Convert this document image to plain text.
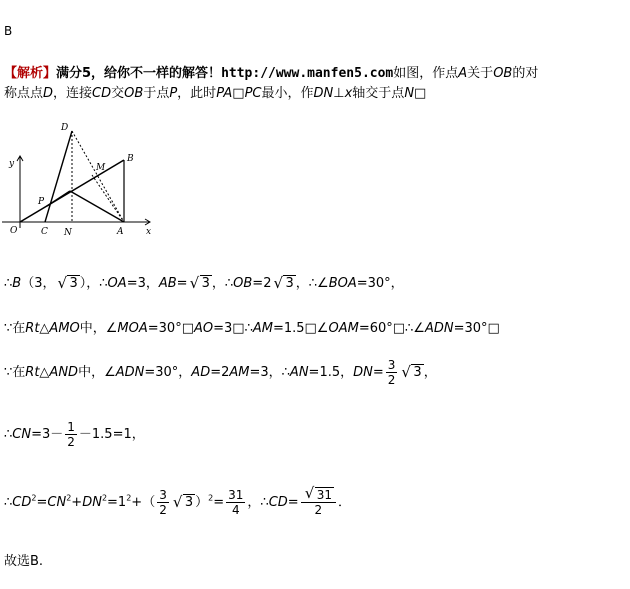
B
【解析】满分5，给你不一样的解答！http://www.manfen5.com如图，作点A关于OB的对
称点点D，连接CD交OB于点P，此时PA□PC最小，作DN⊥x轴交于点N□
D
B
M
P
y
O	C N	A	x
∴B（3， √ 3 ），∴OA=3，AB= √ 3 ，∴OB=2 √ 3 ，∴∠BOA=30°，
∵在Rt△AMO中，∠MOA=30°□AO=3□∴AM=1.5□∠OAM=60°□∴∠ADN=30°□
∵在Rt△AND中，∠ADN=30°，AD=2AM=3，∴AN=1.5，$DN= \frac{3}{2}$ √ 3 ，
∴CN=3－ $\frac{1}{2} -1.5=1$，
$\therefore CD^2=CN^2+DN^2=1^2+( \frac{3}{2}$ √ 3 ）$^2= \frac{31}{4}$ ，∴CD= $\frac{√ 31}{2}$ ．
故选B.
